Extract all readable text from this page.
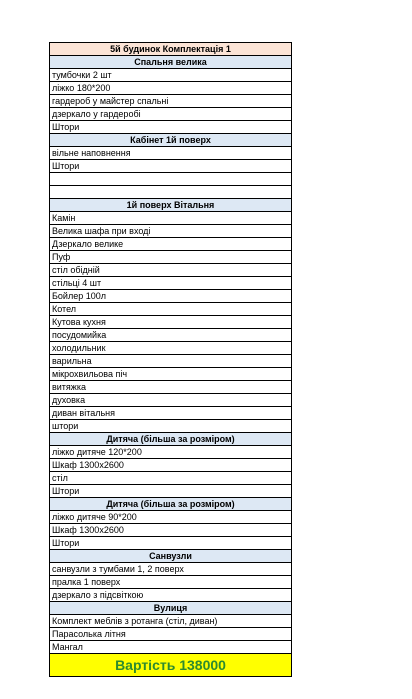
5й будинок Комплектація 1
Спальня велика
тумбочки 2 шт
ліжко 180*200
гардероб у майстер спальні
дзеркало у гардеробі
Штори
Кабінет 1й поверх
вільне наповнення
Штори

1й поверх Вітальня
Камін
Велика шафа при вході
Дзеркало велике
Пуф
стіл обідній
стільці 4 шт
Бойлер 100л
Котел
Кутова кухня
посудомийка
холодильник
варильна
мікрохвильова піч
витяжка
духовка
диван вітальня
штори
Дитяча (більша за розміром)
ліжко дитяче 120*200
Шкаф 1300х2600
стіл
Штори
Дитяча (більша за розміром)
ліжко дитяче 90*200
Шкаф 1300х2600
Штори
Санвузли
санвузли з тумбами 1, 2 поверх
пралка 1 поверх
дзеркало з підсвіткою
Вулиця
Комплект меблів з ротанга (стіл, диван)
Парасолька літня
Мангал
Вартість 138000
